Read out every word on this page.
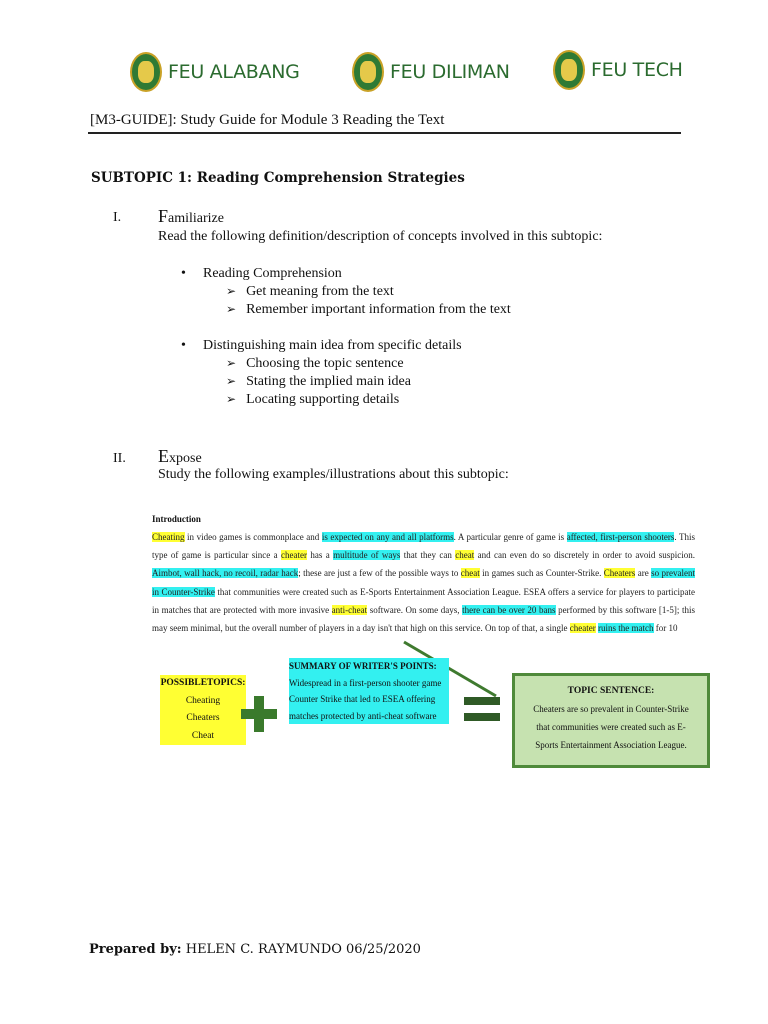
FEU ALABANG	FEU DILIMAN	FEU TECH
[M3-GUIDE]: Study Guide for Module 3 Reading the Text
SUBTOPIC 1: Reading Comprehension Strategies
I. Familiarize
Read the following definition/description of concepts involved in this subtopic:
• Reading Comprehension
➢ Get meaning from the text
➢ Remember important information from the text
• Distinguishing main idea from specific details
➢ Choosing the topic sentence
➢ Stating the implied main idea
➢ Locating supporting details
II. Expose
Study the following examples/illustrations about this subtopic:
Introduction
Cheating in video games is commonplace and is expected on any and all platforms. A particular genre of game is affected, first-person shooters. This type of game is particular since a cheater has a multitude of ways that they can cheat and can even do so discretely in order to avoid suspicion. Aimbot, wall hack, no recoil, radar hack; these are just a few of the possible ways to cheat in games such as Counter-Strike. Cheaters are so prevalent in Counter-Strike that communities were created such as E-Sports Entertainment Association League. ESEA offers a service for players to participate in matches that are protected with more invasive anti-cheat software. On some days, there can be over 20 bans performed by this software [1-5]; this may seem minimal, but the overall number of players in a day isn't that high on this service. On top of that, a single cheater ruins the match for 10
POSSIBLETOPICS:
Cheating
Cheaters
Cheat
SUMMARY OF WRITER'S POINTS:
Widespread in a first-person shooter game Counter Strike that led to ESEA offering matches protected by anti-cheat software
TOPIC SENTENCE:
Cheaters are so prevalent in Counter-Strike that communities were created such as E-Sports Entertainment Association League.
Prepared by: HELEN C. RAYMUNDO 06/25/2020
